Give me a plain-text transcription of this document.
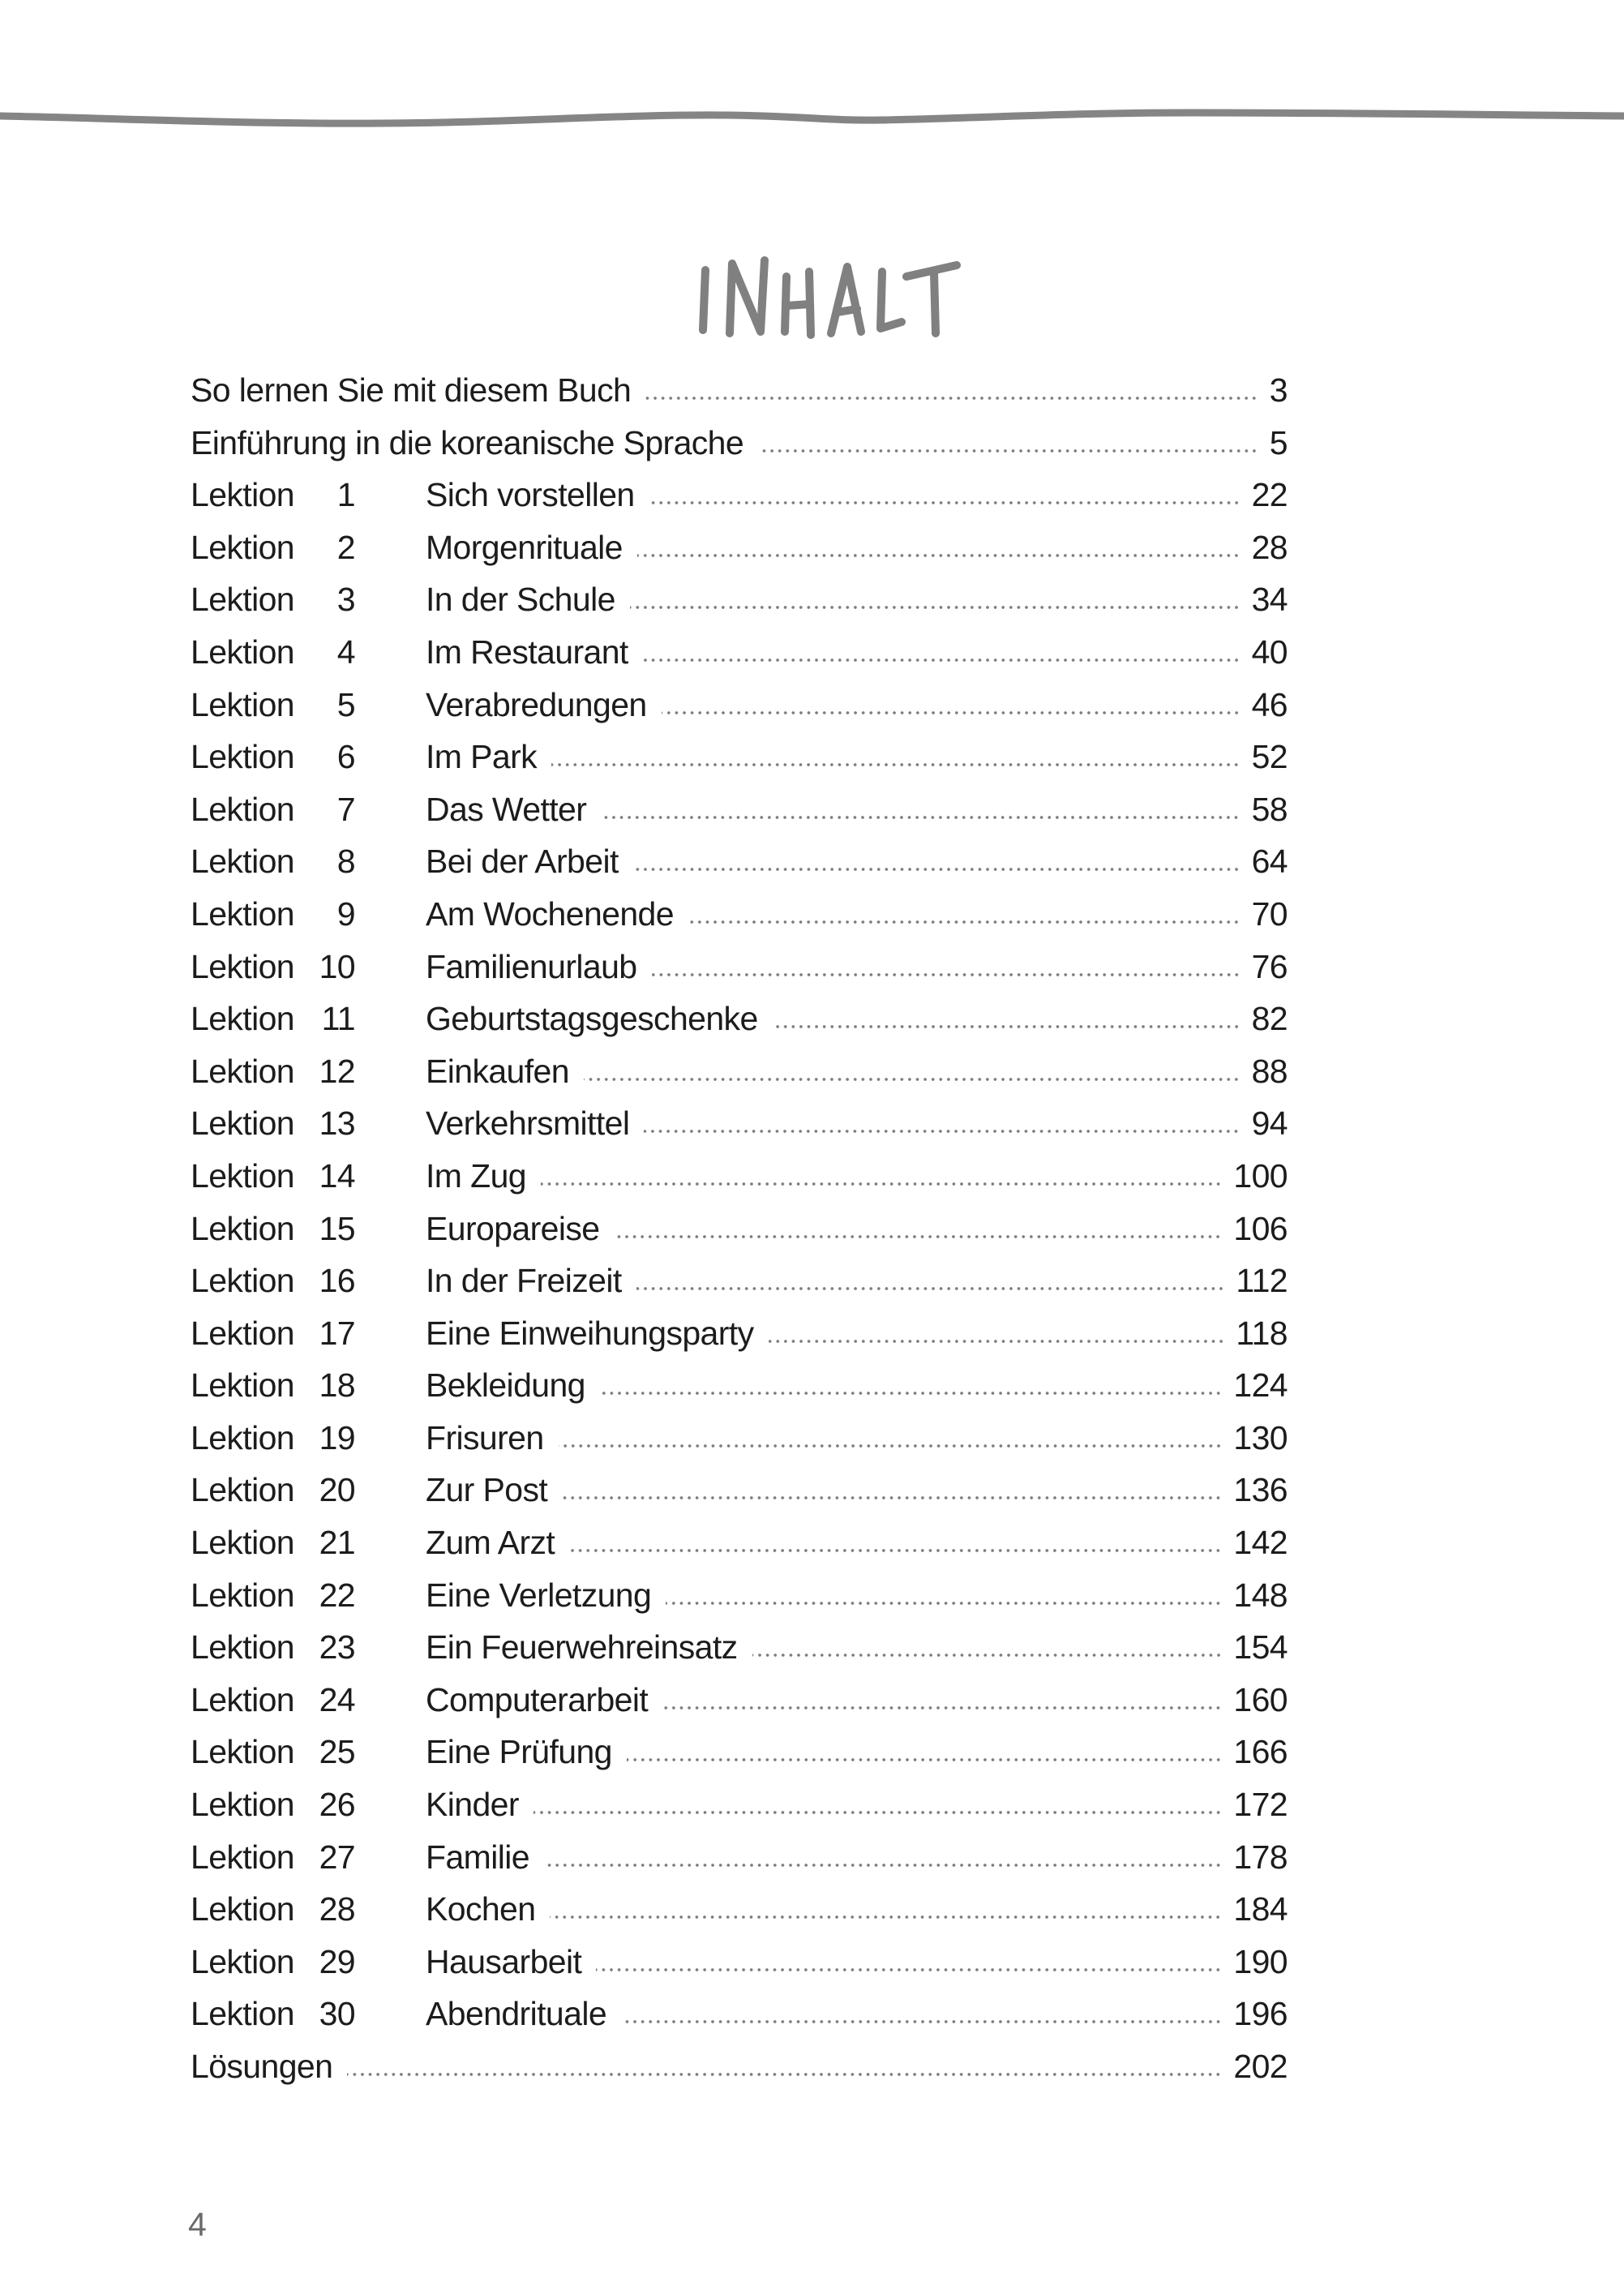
So lernen Sie mit diesem Buch	3
Einführung in die koreanische Sprache	5
Lektion	1 Sich vorstellen	22
Lektion	2 Morgenrituale	28
Lektion	3 In der Schule	34
Lektion	4 Im Restaurant	40
Lektion	5 Verabredungen	46
Lektion	6 Im Park	52
Lektion	7 Das Wetter	58
Lektion	8 Bei der Arbeit	64
Lektion	9 Am Wochenende	70
Lektion 10 Familienurlaub	76
Lektion 11 Geburtstagsgeschenke	82
Lektion 12 Einkaufen	88
Lektion 13 Verkehrsmittel	94
Lektion 14 Im Zug	100
Lektion 15 Europareise	106
Lektion 16 In der Freizeit	112
Lektion 17 Eine Einweihungsparty	118
Lektion 18 Bekleidung	124
Lektion 19 Frisuren	130
Lektion 20 Zur Post	136
Lektion 21 Zum Arzt	142
Lektion 22 Eine Verletzung	148
Lektion 23 Ein Feuerwehreinsatz	154
Lektion 24 Computerarbeit	160
Lektion 25 Eine Prüfung	166
Lektion 26 Kinder	172
Lektion 27 Familie	178
Lektion 28 Kochen	184
Lektion 29 Hausarbeit	190
Lektion 30 Abendrituale	196
Lösungen	202
4
